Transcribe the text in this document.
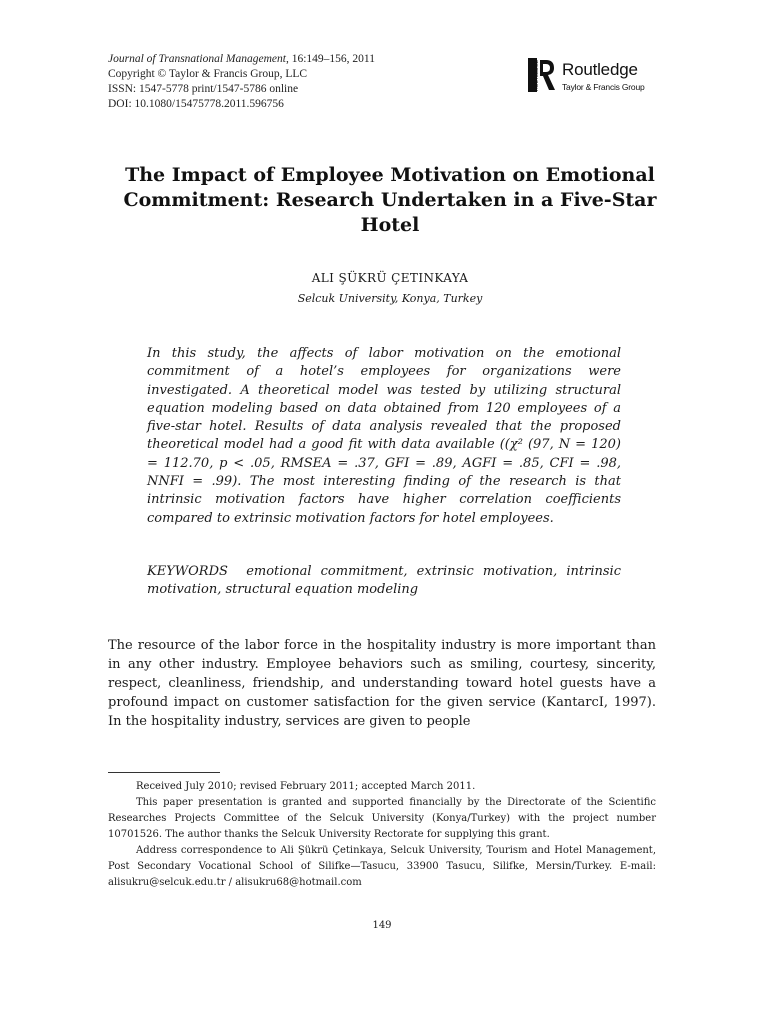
Journal of Transnational Management, 16:149–156, 2011
Copyright © Taylor & Francis Group, LLC
ISSN: 1547-5778 print/1547-5786 online
DOI: 10.1080/15475778.2011.596756
ROUTLEDGE Routledge
Taylor & Francis Group
The Impact of Employee Motivation on Emotional Commitment: Research Undertaken in a Five-Star Hotel
ALI ŞÜKRÜ ÇETINKAYA
Selcuk University, Konya, Turkey
In this study, the affects of labor motivation on the emotional commitment of a hotel’s employees for organizations were investigated. A theoretical model was tested by utilizing structural equation modeling based on data obtained from 120 employees of a five-star hotel. Results of data analysis revealed that the proposed theoretical model had a good fit with data available ((χ² (97, N = 120) = 112.70, p < .05, RMSEA = .37, GFI = .89, AGFI = .85, CFI = .98, NNFI = .99). The most interesting finding of the research is that intrinsic motivation factors have higher correlation coefficients compared to extrinsic motivation factors for hotel employees.
KEYWORDS emotional commitment, extrinsic motivation, intrinsic motivation, structural equation modeling
The resource of the labor force in the hospitality industry is more important than in any other industry. Employee behaviors such as smiling, courtesy, sincerity, respect, cleanliness, friendship, and understanding toward hotel guests have a profound impact on customer satisfaction for the given service (KantarcI, 1997). In the hospitality industry, services are given to people

Received July 2010; revised February 2011; accepted March 2011.

This paper presentation is granted and supported financially by the Directorate of the Scientific Researches Projects Committee of the Selcuk University (Konya/Turkey) with the project number 10701526. The author thanks the Selcuk University Rectorate for supplying this grant.

Address correspondence to Ali Şükrü Çetinkaya, Selcuk University, Tourism and Hotel Management, Post Secondary Vocational School of Silifke—Tasucu, 33900 Tasucu, Silifke, Mersin/Turkey. E-mail: alisukru@selcuk.edu.tr / alisukru68@hotmail.com

149
